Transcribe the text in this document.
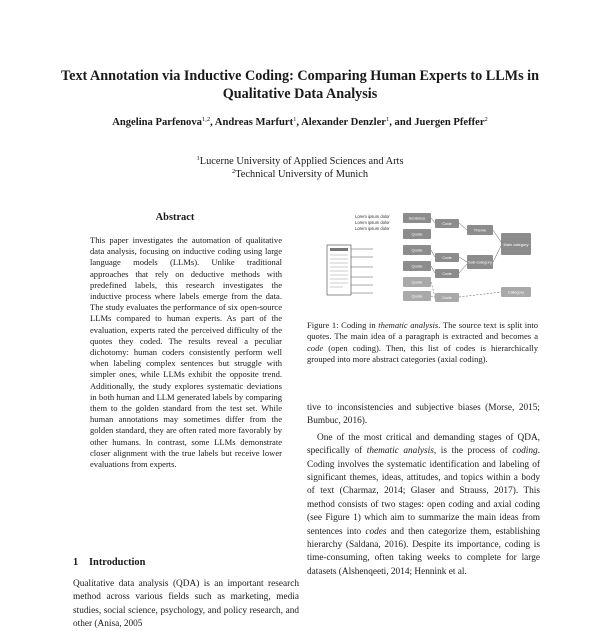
Text Annotation via Inductive Coding: Comparing Human Experts to LLMs in Qualitative Data Analysis
Angelina Parfenova$^{1,2}$, Andreas Marfurt$^1$, Alexander Denzler$^1$, and Juergen Pfeffer$^2$
$^1$Lucerne University of Applied Sciences and Arts
$^2$Technical University of Munich
Abstract
This paper investigates the automation of qualitative data analysis, focusing on inductive coding using large language models (LLMs). Unlike traditional approaches that rely on deductive methods with predefined labels, this research investigates the inductive process where labels emerge from the data. The study evaluates the performance of six open-source LLMs compared to human experts. As part of the evaluation, experts rated the perceived difficulty of the quotes they coded. The results reveal a peculiar dichotomy: human coders consistently perform well when labeling complex sentences but struggle with simpler ones, while LLMs exhibit the opposite trend. Additionally, the study explores systematic deviations in both human and LLM generated labels by comparing them to the golden standard from the test set. While human annotations may sometimes differ from the golden standard, they are often rated more favorably by other humans. In contrast, some LLMs demonstrate closer alignment with the true labels but receive lower evaluations from experts.
1 Introduction
Qualitative data analysis (QDA) is an important research method across various fields such as marketing, media studies, social science, psychology, and policy research, and other (Anisa, 2005
Lorem ipsum dolor
Lorem ipsum dolor
Lorem ipsum dolor
Sentence
Quote
Quote
Quote
Quote
Quote
Code
Code
Code
Code
Theme
Sub-category
Main category
Category
Figure 1: Coding in thematic analysis. The source text is split into quotes. The main idea of a paragraph is extracted and becomes a code (open coding). Then, this list of codes is hierarchically grouped into more abstract categories (axial coding).

tive to inconsistencies and subjective biases (Morse, 2015; Bumbuc, 2016).

One of the most critical and demanding stages of QDA, specifically of thematic analysis, is the process of coding. Coding involves the systematic identification and labeling of significant themes, ideas, attitudes, and topics within a body of text (Charmaz, 2014; Glaser and Strauss, 2017). This method consists of two stages: open coding and axial coding (see Figure 1) which aim to summarize the main ideas from sentences into codes and then categorize them, establishing hierarchy (Saldana, 2016). Despite its importance, coding is time-consuming, often taking weeks to complete for large datasets (Alshenqeeti, 2014; Hennink et al.
